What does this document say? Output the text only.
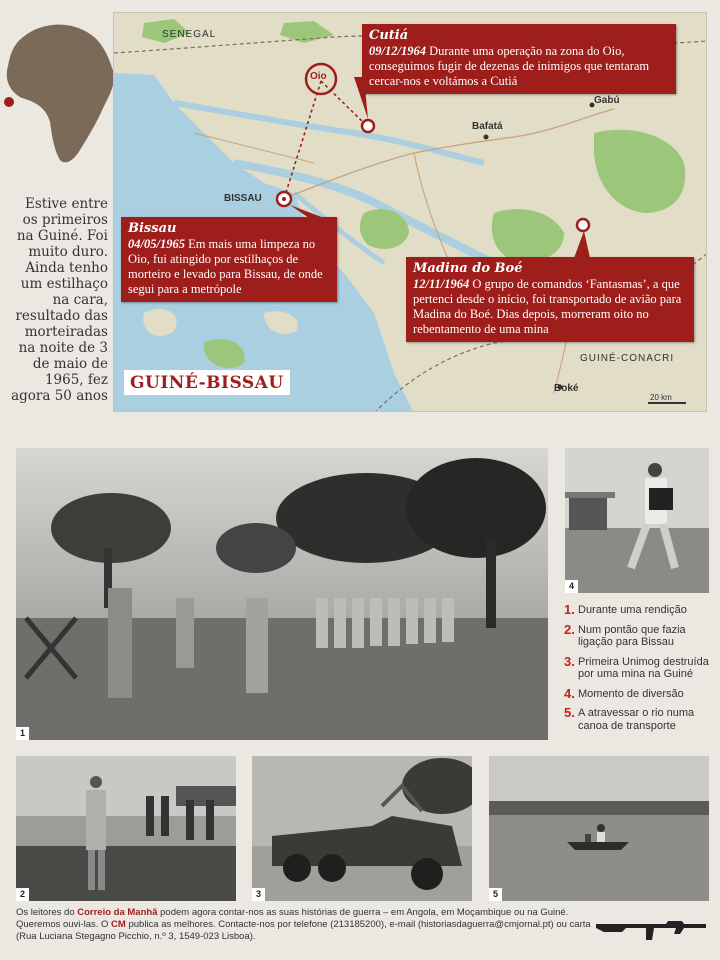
SENEGAL
GUINÉ-CONACRI
Oio
Gabú
Bafatá
BISSAU
Boké
Cutiá
09/12/1964 Durante uma operação na zona do Oio, conseguimos fugir de dezenas de inimigos que tentaram cercar-nos e voltámos a Cutiá
Bissau
04/05/1965 Em mais uma limpeza no Oio, fui atingido por estilhaços de morteiro e levado para Bissau, de onde segui para a metrópole
Madina do Boé
12/11/1964 O grupo de comandos ‘Fantasmas’, a que pertenci desde o início, foi transportado de avião para Madina do Boé. Dias depois, morreram oito no rebentamento de uma mina
GUINÉ-BISSAU
20 km
Estive entre os primeiros na Guiné. Foi muito duro. Ainda tenho um estilhaço na cara, resultado das morteiradas na noite de 3 de maio de 1965, fez agora 50 anos
1
4
2	3	5
1. Durante uma rendição
2. Num pontão que fazia ligação para Bissau
3. Primeira Unimog destruída por uma mina na Guiné
4. Momento de diversão
5. A atravessar o rio numa canoa de transporte
Os leitores do Correio da Manhã podem agora contar-nos as suas histórias de guerra – em Angola, em Moçambique ou na Guiné. Queremos ouvi-las. O CM publica as melhores. Contacte-nos por telefone (213185200), e-mail (historiasdaguerra@cmjornal.pt) ou carta (Rua Luciana Stegagno Picchio, n.º 3, 1549-023 Lisboa).
